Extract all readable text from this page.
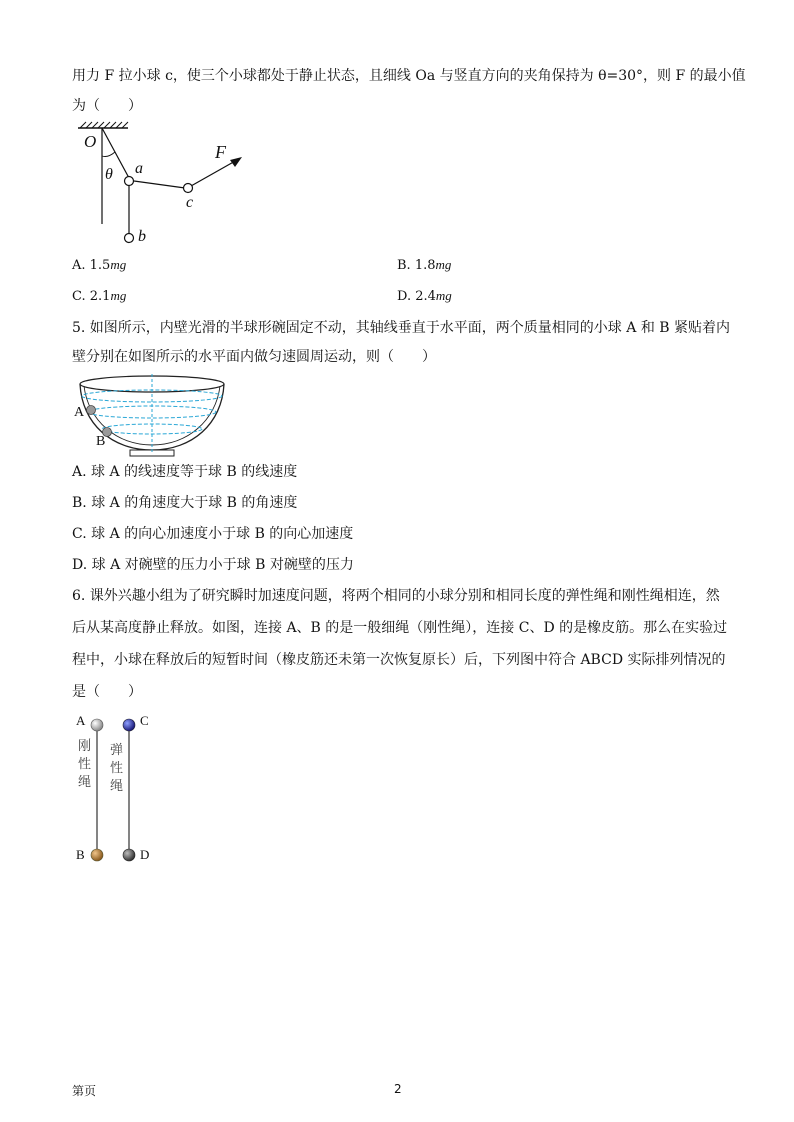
用力 F 拉小球 c，使三个小球都处于静止状态，且细线 Oa 与竖直方向的夹角保持为 θ=30°，则 F 的最小值
为（　　）
O
θ a
F
c
b
A. 1.5mg	B. 1.8mg
C. 2.1mg	D. 2.4mg
5. 如图所示，内壁光滑的半球形碗固定不动，其轴线垂直于水平面，两个质量相同的小球 A 和 B 紧贴着内
壁分别在如图所示的水平面内做匀速圆周运动，则（　　）
A
B
A. 球 A 的线速度等于球 B 的线速度
B. 球 A 的角速度大于球 B 的角速度
C. 球 A 的向心加速度小于球 B 的向心加速度
D. 球 A 对碗壁的压力小于球 B 对碗壁的压力
6. 课外兴趣小组为了研究瞬时加速度问题，将两个相同的小球分别和相同长度的弹性绳和刚性绳相连，然
后从某高度静止释放。如图，连接 A、B 的是一般细绳（刚性绳），连接 C、D 的是橡皮筋。那么在实验过
程中，小球在释放后的短暂时间（橡皮筋还未第一次恢复原长）后，下列图中符合 ABCD 实际排列情况的
是（　　）
A	C
B	D
刚
性
绳
弹
性
绳
第页	2
